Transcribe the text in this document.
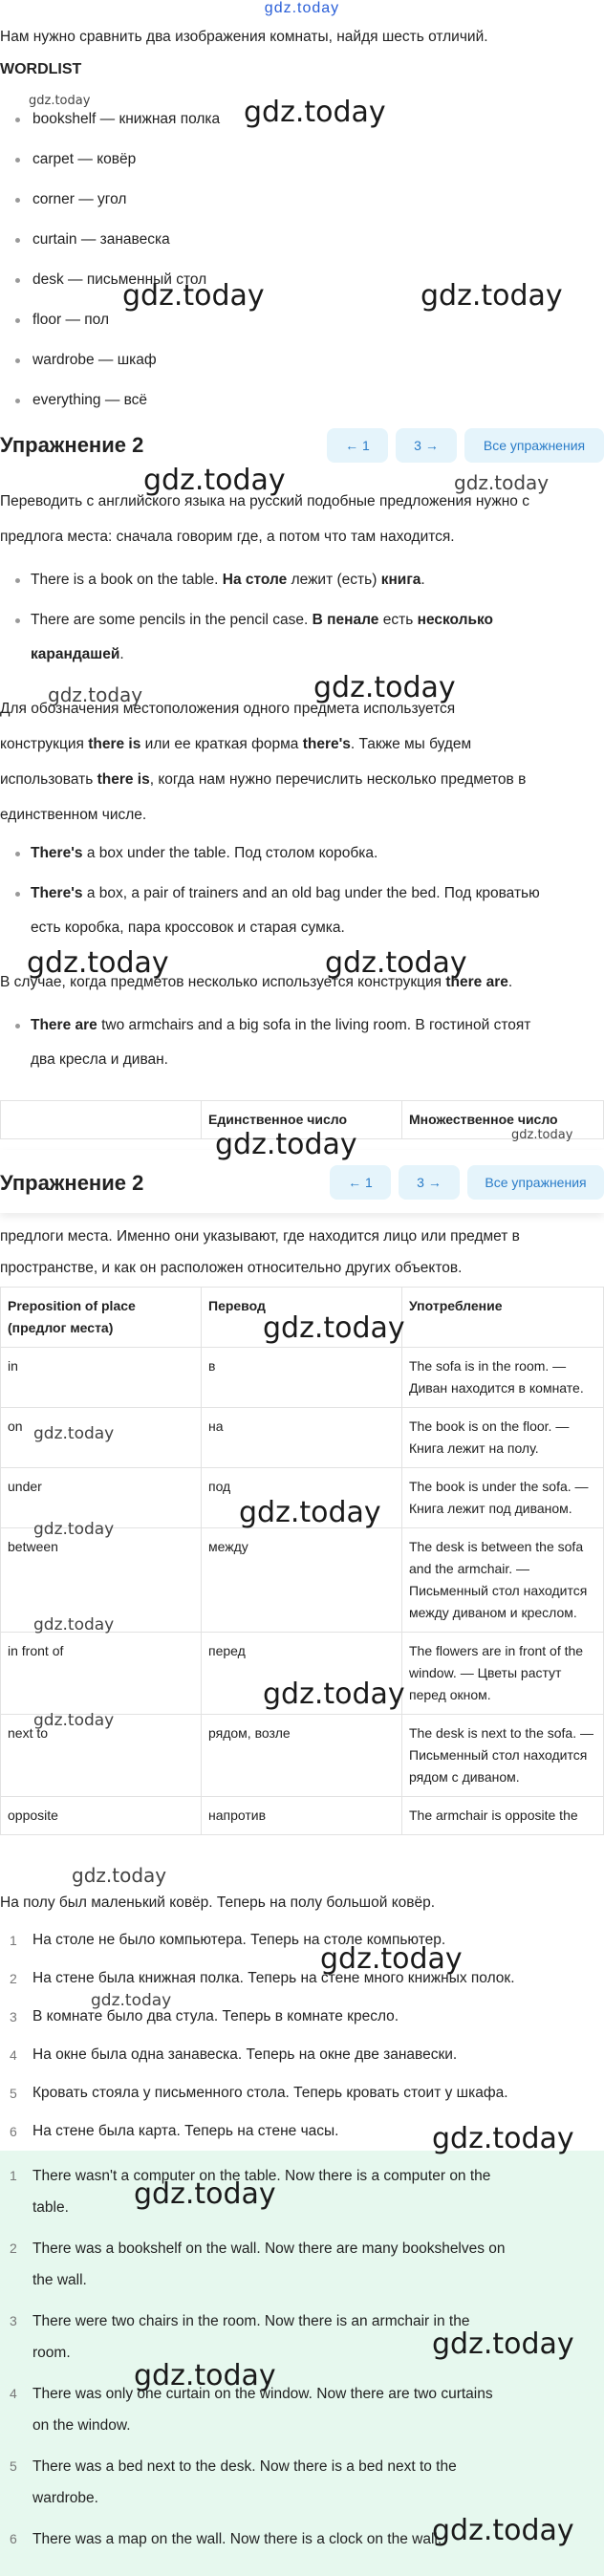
gdz.today

Нам нужно сравнить два изображения комнаты, найдя шесть отличий.

WORDLIST
bookshelf — книжная полка
carpet — ковёр
corner — угол
curtain — занавеска
desk — письменный стол
floor — пол
wardrobe — шкаф
everything — всё
Упражнение 2	← 1	3 →	Все упражнения

Переводить с английского языка на русский подобные предложения нужно с
предлога места: сначала говорим где, а потом что там находится.

There is a book on the table. На столе лежит (есть) книга.
There are some pencils in the pencil case. В пенале есть несколько
карандашей.

Для обозначения местоположения одного предмета используется
конструкция there is или ее краткая форма there's. Также мы будем
использовать there is, когда нам нужно перечислить несколько предметов в
единственном числе.

There's a box under the table. Под столом коробка.
There's a box, a pair of trainers and an old bag under the bed. Под кроватью
есть коробка, пара кроссовок и старая сумка.

В случае, когда предметов несколько используется конструкция there are.

There are two armchairs and a big sofa in the living room. В гостиной стоят
два кресла и диван.
	Единственное число	Множественное число
Упражнение 2	← 1	3 →	Все упражнения

предлоги места. Именно они указывают, где находится лицо или предмет в
пространстве, и как он расположен относительно других объектов.

Preposition of place (предлог места)	Перевод	Употребление
in	в	The sofa is in the room. — Диван находится в комнате.
on	на	The book is on the floor. — Книга лежит на полу.
under	под	The book is under the sofa. — Книга лежит под диваном.
between	между	The desk is between the sofa and the armchair. — Письменный стол находится между диваном и креслом.
in front of	перед	The flowers are in front of the window. — Цветы растут перед окном.
next to	рядом, возле	The desk is next to the sofa. — Письменный стол находится рядом с диваном.
opposite	напротив	The armchair is opposite the

На полу был маленький ковёр. Теперь на полу большой ковёр.

1 На столе не было компьютера. Теперь на столе компьютер.
2 На стене была книжная полка. Теперь на стене много книжных полок.
3 В комнате было два стула. Теперь в комнате кресло.
4 На окне была одна занавеска. Теперь на окне две занавески.
5 Кровать стояла у письменного стола. Теперь кровать стоит у шкафа.
6 На стене была карта. Теперь на стене часы.
1 There wasn't a computer on the table. Now there is a computer on the
table.
2 There was a bookshelf on the wall. Now there are many bookshelves on
the wall.
3 There were two chairs in the room. Now there is an armchair in the
room.
4 There was only one curtain on the window. Now there are two curtains
on the window.
5 There was a bed next to the desk. Now there is a bed next to the
wardrobe.
6 There was a map on the wall. Now there is a clock on the wall.
gdz.today	gdz.today
gdz.today	gdz.today
gdz.today	gdz.today
gdz.today	gdz.today
gdz.today	gdz.today
gdz.today	gdz.today
gdz.today
gdz.today
gdz.today
gdz.today
gdz.today
gdz.today
gdz.today
gdz.today
gdz.today
gdz.today
gdz.today
gdz.today
gdz.today
gdz.today
gdz.today
